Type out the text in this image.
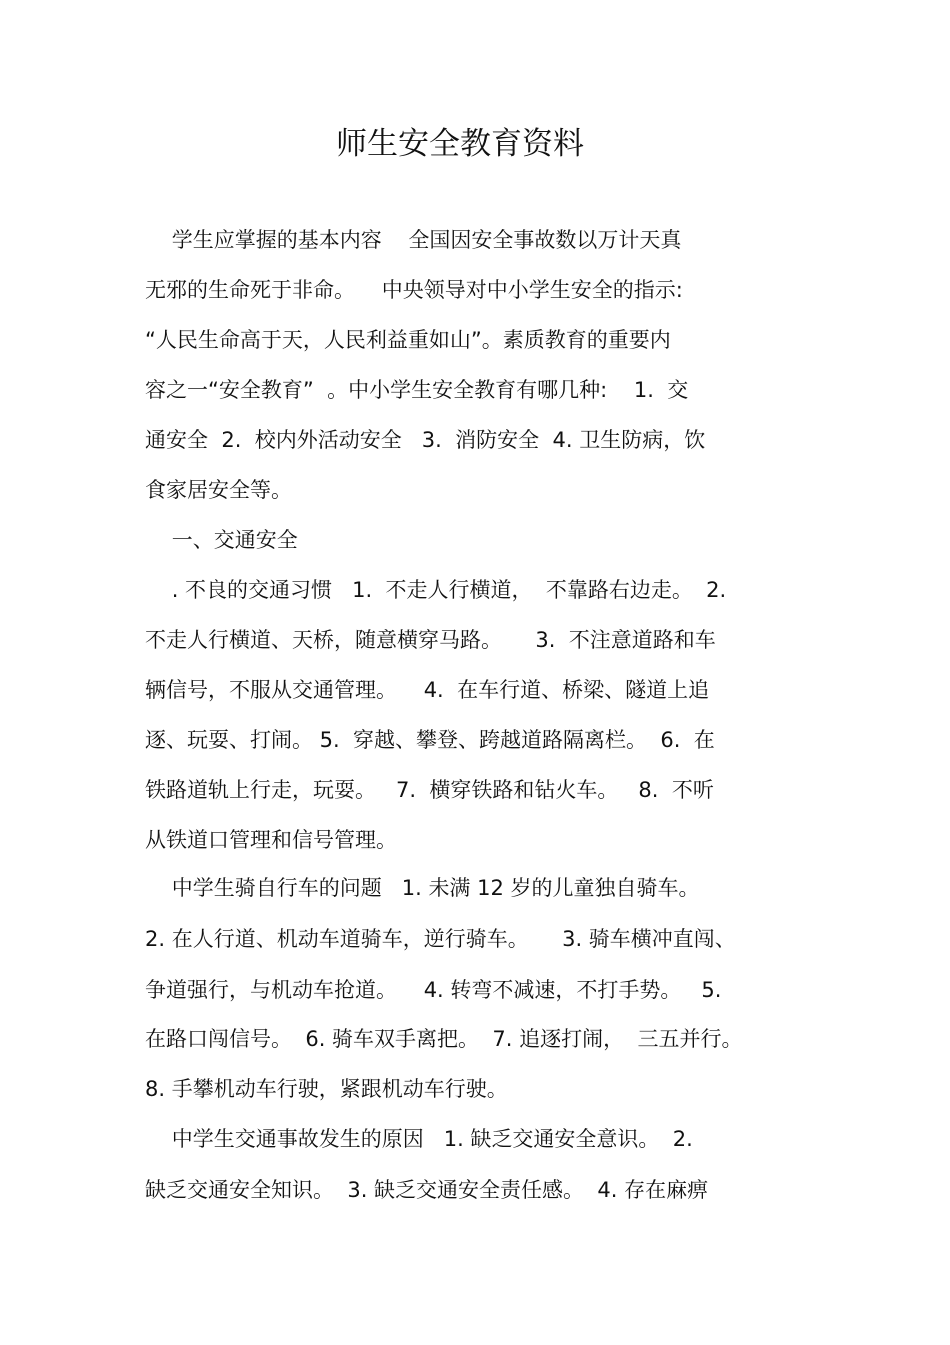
师生安全教育资料
学生应掌握的基本内容    全国因安全事故数以万计天真
无邪的生命死于非命。    中央领导对中小学生安全的指示:
“人民生命高于天，人民利益重如山”。素质教育的重要内
容之一“安全教育”  。中小学生安全教育有哪几种:    1.  交
通安全  2.  校内外活动安全   3.  消防安全  4. 卫生防病，饮
食家居安全等。
一、交通安全
. 不良的交通习惯   1.  不走人行横道，  不靠路右边走。  2.
不走人行横道、天桥，随意横穿马路。     3.  不注意道路和车
辆信号，不服从交通管理。    4.  在车行道、桥梁、隧道上追
逐、玩耍、打闹。 5.  穿越、攀登、跨越道路隔离栏。  6.  在
铁路道轨上行走，玩耍。   7.  横穿铁路和钻火车。   8.  不听
从铁道口管理和信号管理。
中学生骑自行车的问题   1. 未满 12 岁的儿童独自骑车。
2. 在人行道、机动车道骑车，逆行骑车。     3. 骑车横冲直闯、
争道强行，与机动车抢道。    4. 转弯不减速，不打手势。   5.
在路口闯信号。  6. 骑车双手离把。  7. 追逐打闹，  三五并行。
8. 手攀机动车行驶，紧跟机动车行驶。
中学生交通事故发生的原因   1. 缺乏交通安全意识。  2.
缺乏交通安全知识。  3. 缺乏交通安全责任感。  4. 存在麻痹
